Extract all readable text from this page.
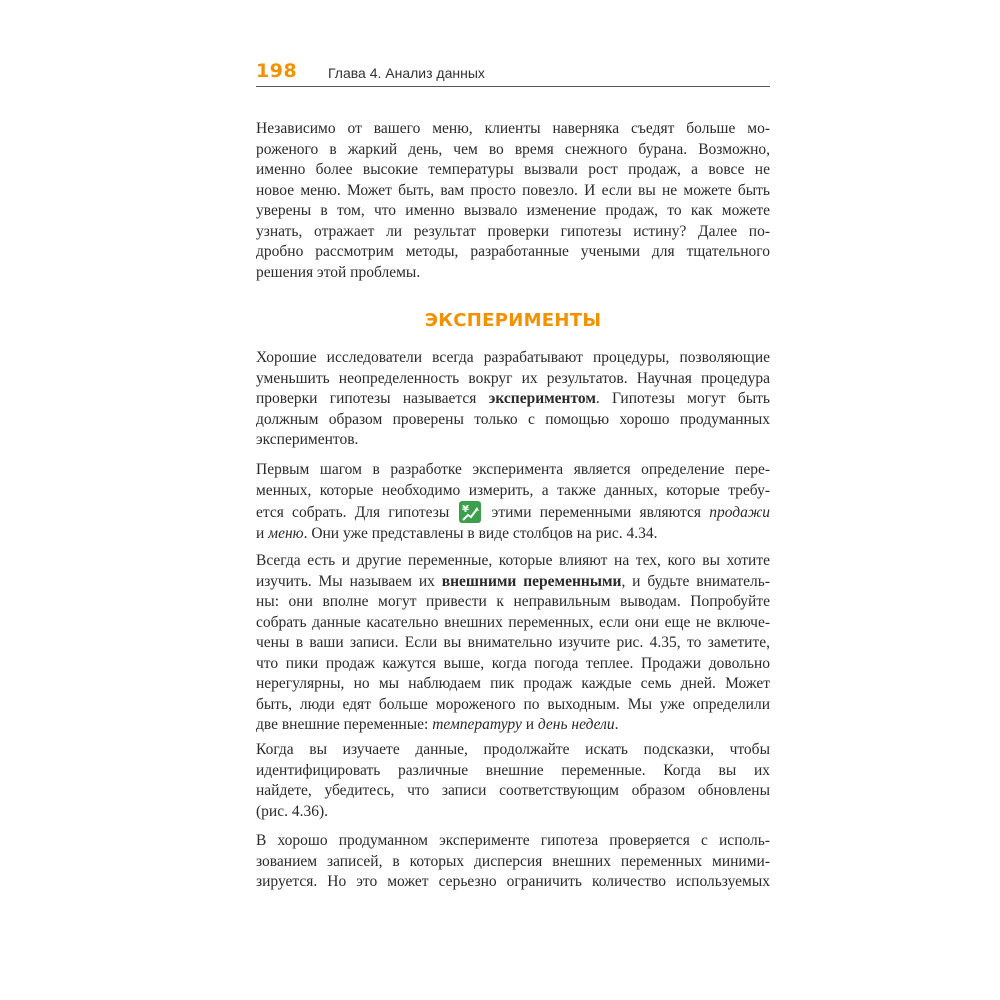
198 Глава 4. Анализ данных
Независимо от вашего меню, клиенты наверняка съедят больше мо-
роженого в жаркий день, чем во время снежного бурана. Возможно,
именно более высокие температуры вызвали рост продаж, а вовсе не
новое меню. Может быть, вам просто повезло. И если вы не можете быть
уверены в том, что именно вызвало изменение продаж, то как можете
узнать, отражает ли результат проверки гипотезы истину? Далее по-
дробно рассмотрим методы, разработанные учеными для тщательного
решения этой проблемы.
ЭКСПЕРИМЕНТЫ
Хорошие исследователи всегда разрабатывают процедуры, позволяющие
уменьшить неопределенность вокруг их результатов. Научная процедура
проверки гипотезы называется экспериментом. Гипотезы могут быть
должным образом проверены только с помощью хорошо продуманных
экспериментов.
Первым шагом в разработке эксперимента является определение пере-
менных, которые необходимо измерить, а также данных, которые требу-
ется собрать. Для гипотезы ¥ этими переменными являются продажи
и меню. Они уже представлены в виде столбцов на рис. 4.34.
Всегда есть и другие переменные, которые влияют на тех, кого вы хотите
изучить. Мы называем их внешними переменными, и будьте вниматель-
ны: они вполне могут привести к неправильным выводам. Попробуйте
собрать данные касательно внешних переменных, если они еще не включе-
чены в ваши записи. Если вы внимательно изучите рис. 4.35, то заметите,
что пики продаж кажутся выше, когда погода теплее. Продажи довольно
нерегулярны, но мы наблюдаем пик продаж каждые семь дней. Может
быть, люди едят больше мороженого по выходным. Мы уже определили
две внешние переменные: температуру и день недели.
Когда вы изучаете данные, продолжайте искать подсказки, чтобы
идентифицировать различные внешние переменные. Когда вы их
найдете, убедитесь, что записи соответствующим образом обновлены
(рис. 4.36).
В хорошо продуманном эксперименте гипотеза проверяется с исполь-
зованием записей, в которых дисперсия внешних переменных миними-
зируется. Но это может серьезно ограничить количество используемых
